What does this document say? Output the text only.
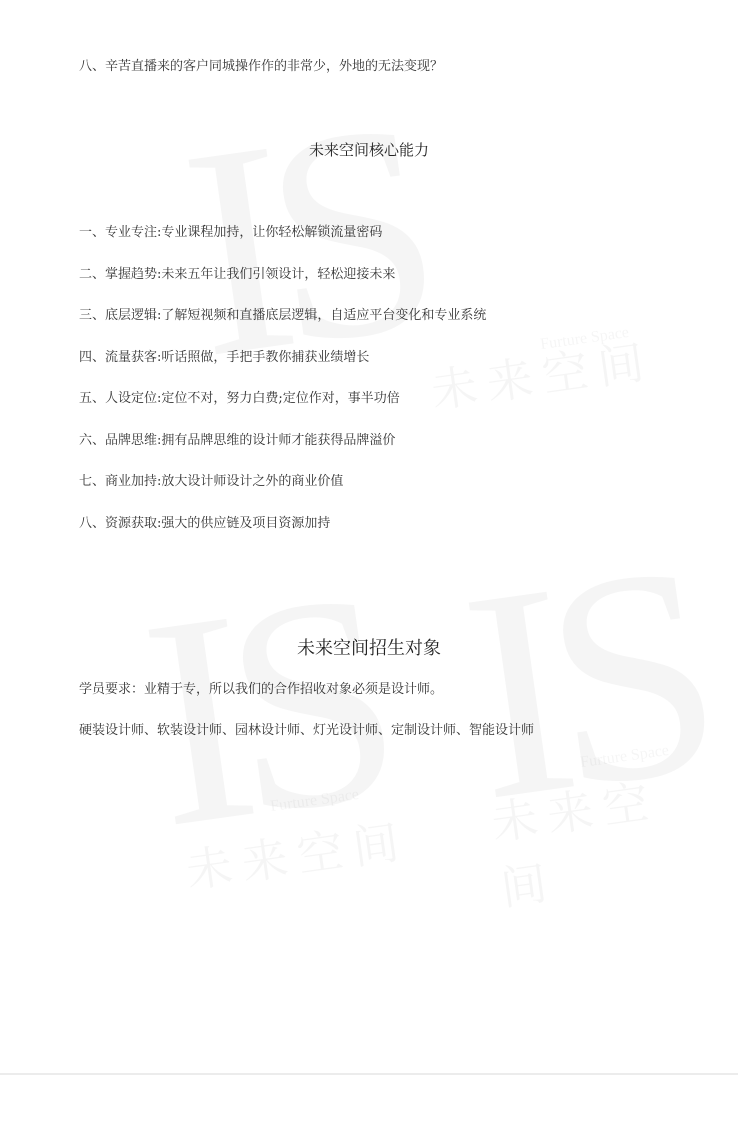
八、辛苦直播来的客户同城操作作的非常少，外地的无法变现？
未来空间核心能力
一、专业专注:专业课程加持，让你轻松解锁流量密码
二、掌握趋势:未来五年让我们引领设计，轻松迎接未来
三、底层逻辑:了解短视频和直播底层逻辑，自适应平台变化和专业系统
四、流量获客:听话照做，手把手教你捕获业绩增长
五、人设定位:定位不对，努力白费;定位作对，事半功倍
六、品牌思维:拥有品牌思维的设计师才能获得品牌溢价
七、商业加持:放大设计师设计之外的商业价值
八、资源获取:强大的供应链及项目资源加持
未来空间招生对象
学员要求：业精于专，所以我们的合作招收对象必须是设计师。
硬装设计师、软装设计师、园林设计师、灯光设计师、定制设计师、智能设计师
